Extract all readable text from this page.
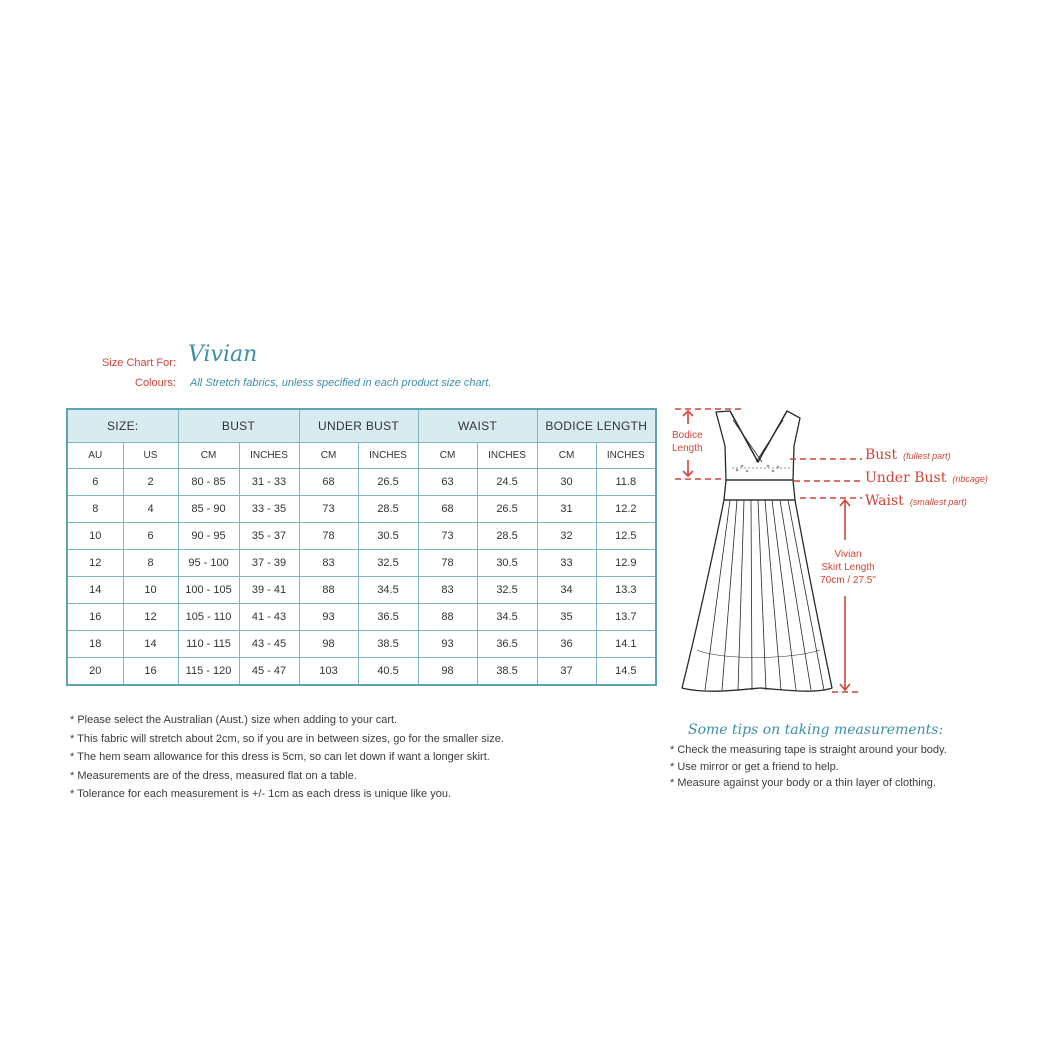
Size Chart For: Vivian
Colours: All Stretch fabrics, unless specified in each product size chart.
SIZE:		BUST		UNDER BUST		WAIST		BODICE LENGTH	
AU	US	CM	INCHES	CM	INCHES	CM	INCHES	CM	INCHES
6	2	80 - 85	31 - 33	68	26.5	63	24.5	30	11.8
8	4	85 - 90	33 - 35	73	28.5	68	26.5	31	12.2
10	6	90 - 95	35 - 37	78	30.5	73	28.5	32	12.5
12	8	95 - 100	37 - 39	83	32.5	78	30.5	33	12.9
14	10	100 - 105	39 - 41	88	34.5	83	32.5	34	13.3
16	12	105 - 110	41 - 43	93	36.5	88	34.5	35	13.7
18	14	110 - 115	43 - 45	98	38.5	93	36.5	36	14.1
20	16	115 - 120	45 - 47	103	40.5	98	38.5	37	14.5
* Please select the Australian (Aust.) size when adding to your cart.
* This fabric will stretch about 2cm, so if you are in between sizes, go for the smaller size.
* The hem seam allowance for this dress is 5cm, so can let down if want a longer skirt.
* Measurements are of the dress, measured flat on a table.
* Tolerance for each measurement is +/- 1cm as each dress is unique like you.
Bodice
Length	Bust (fullest part)
Under Bust (ribcage)
Waist (smallest part)
Vivian
Skirt Length
70cm / 27.5"
Some tips on taking measurements:
* Check the measuring tape is straight around your body.
* Use mirror or get a friend to help.
* Measure against your body or a thin layer of clothing.
